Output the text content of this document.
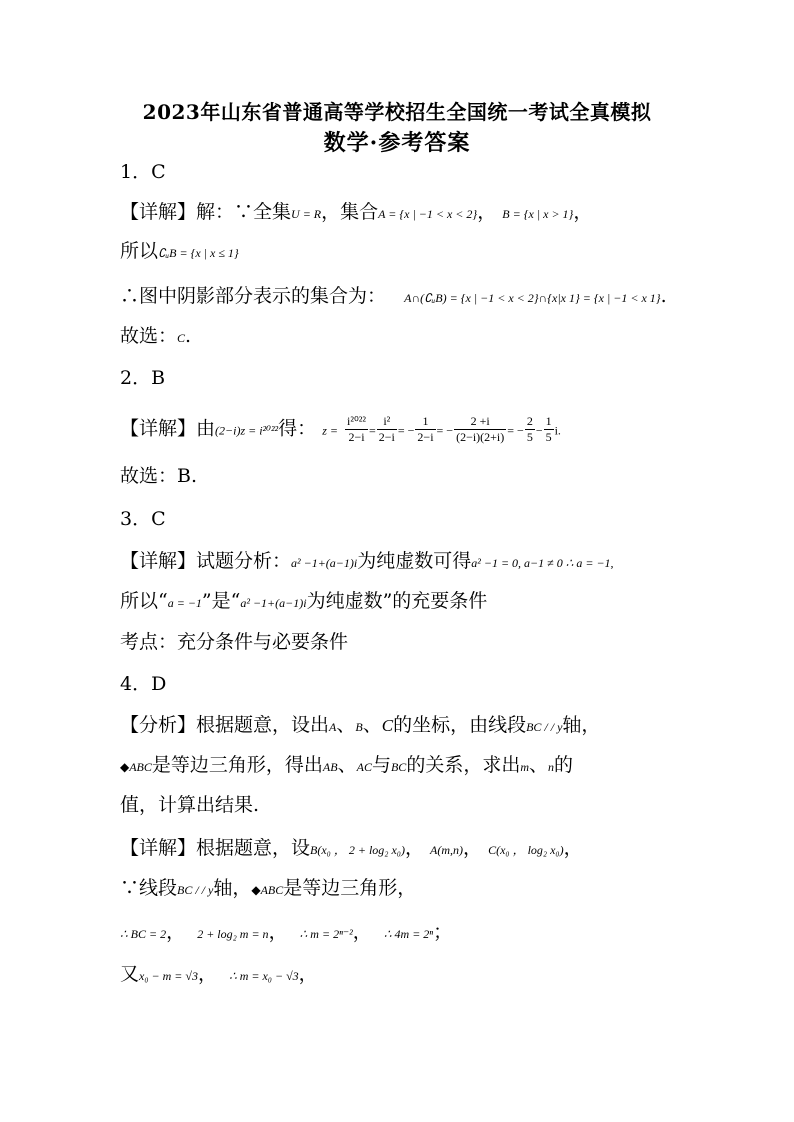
2023年山东省普通高等学校招生全国统一考试全真模拟
数学·参考答案
1．C
【详解】解：∵全集U = R，集合A = {x | −1 < x < 2}， B = {x | x > 1}，
所以∁ᵤB = {x | x ≤ 1}
∴图中阴影部分表示的集合为： A∩(∁ᵤB) = {x | −1 < x < 2}∩{x|x 1} = {x | −1 < x 1}.
故选：C.
2．B
【详解】由(2−i)z = i²⁰²²得： $z = \frac{\text{i²⁰²²}}{2-i} = \frac{\text{i²}}{2-i}$ = − $\frac{1}{2-i}$ = − $\frac{2 +i}{(2-i)(2+i)}$ = − $\frac{2}{5} - \frac{1}{5} i$.
故选：B.
3．C
【详解】试题分析：a² −1+(a−1)i为纯虚数可得a² −1 = 0, a−1 ≠ 0 ∴ a = −1,
所以“a = −1”是“a² −1+(a−1)i为纯虚数”的充要条件
考点：充分条件与必要条件
4．D
【分析】根据题意，设出A、B、C的坐标，由线段BC / / y轴，
◆ABC是等边三角形，得出AB、AC与BC的关系，求出m、n的
值，计算出结果.
【详解】根据题意，设B(x₀ ， 2 + log₂ x₀)， A(m,n)， C(x₀ ， log₂ x₀)，
∵线段BC / / y轴，◆ABC是等边三角形，
∴ BC = 2， 2 + log₂ m = n， ∴ m = 2ⁿ⁻²， ∴ 4m = 2ⁿ；
又x₀ − m = √3， ∴ m = x₀ − √3，
